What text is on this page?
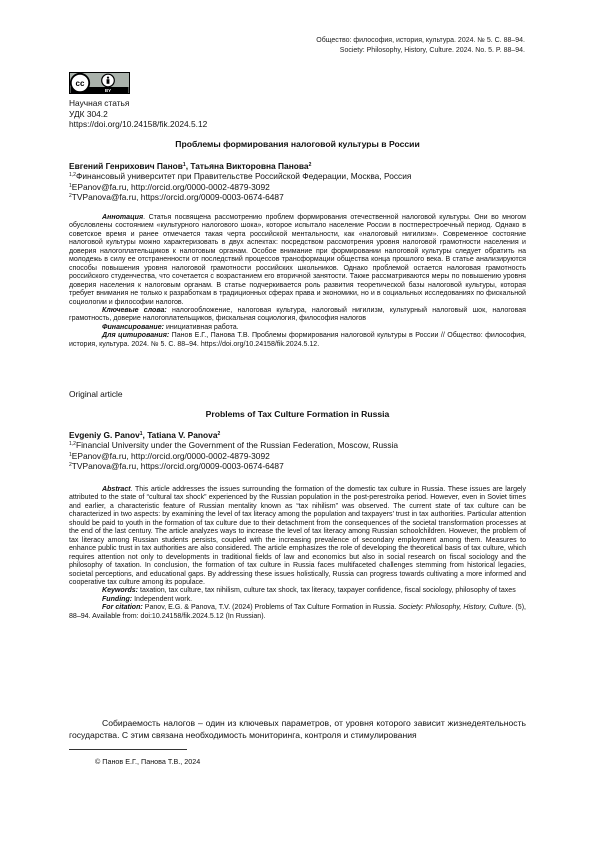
Общество: философия, история, культура. 2024. № 5. С. 88–94.
Society: Philosophy, History, Culture. 2024. No. 5. P. 88–94.
cc
BY
Научная статья
УДК 304.2
https://doi.org/10.24158/fik.2024.5.12
Проблемы формирования налоговой культуры в России
Евгений Генрихович Панов$^1$, Татьяна Викторовна Панова$^2$
$^{1,2}$Финансовый университет при Правительстве Российской Федерации, Москва, Россия
$^1$EPanov@fa.ru, http://orcid.org/0000-0002-4879-3092
$^2$TVPanova@fa.ru, https://orcid.org/0009-0003-0674-6487

Аннотация. Статья посвящена рассмотрению проблем формирования отечественной налоговой культуры. Они во многом обусловлены состоянием «культурного налогового шока», которое испытало население России в постперестроечный период. Однако в советское время и ранее отмечается такая черта российской ментальности, как «налоговый нигилизм». Современное состояние налоговой культуры можно характеризовать в двух аспектах: посредством рассмотрения уровня налоговой грамотности населения и доверия налогоплательщиков к налоговым органам. Особое внимание при формировании налоговой культуры следует обратить на молодежь в силу ее отстраненности от последствий процессов трансформации общества конца прошлого века. В статье анализируются способы повышения уровня налоговой грамотности российских школьников. Однако проблемой остается налоговая грамотность российского студенчества, что сочетается с возрастанием его вторичной занятости. Также рассматриваются меры по повышению уровня доверия населения к налоговым органам. В статье подчеркивается роль развития теоретической базы налоговой культуры, которая требует внимания не только к разработкам в традиционных сферах права и экономики, но и в социальных исследованиях по фискальной социологии и философии налогов.

Ключевые слова: налогообложение, налоговая культура, налоговый нигилизм, культурный налоговый шок, налоговая грамотность, доверие налогоплательщиков, фискальная социология, философия налогов

Финансирование: инициативная работа.

Для цитирования: Панов Е.Г., Панова Т.В. Проблемы формирования налоговой культуры в России // Общество: философия, история, культура. 2024. № 5. С. 88–94. https://doi.org/10.24158/fik.2024.5.12.

Original article
Problems of Tax Culture Formation in Russia
Evgeniy G. Panov$^1$, Tatiana V. Panova$^2$
$^{1,2}$Financial University under the Government of the Russian Federation, Moscow, Russia
$^1$EPanov@fa.ru, http://orcid.org/0000-0002-4879-3092
$^2$TVPanova@fa.ru, https://orcid.org/0009-0003-0674-6487

Abstract. This article addresses the issues surrounding the formation of the domestic tax culture in Russia. These issues are largely attributed to the state of “cultural tax shock” experienced by the Russian population in the post-perestroika period. However, even in Soviet times and earlier, a characteristic feature of Russian mentality known as “tax nihilism” was observed. The current state of tax culture can be characterized in two aspects: by examining the level of tax literacy among the population and taxpayers’ trust in tax authorities. Particular attention should be paid to youth in the formation of tax culture due to their detachment from the consequences of the societal transformation processes at the end of the last century. The article analyzes ways to increase the level of tax literacy among Russian schoolchildren. However, the problem of tax literacy among Russian students persists, coupled with the increasing prevalence of secondary employment among them. Measures to enhance public trust in tax authorities are also considered. The article emphasizes the role of developing the theoretical basis of tax culture, which requires attention not only to developments in traditional fields of law and economics but also in social research on fiscal sociology and the philosophy of taxation. In conclusion, the formation of tax culture in Russia faces multifaceted challenges stemming from historical legacies, societal perceptions, and educational gaps. By addressing these issues holistically, Russia can progress towards cultivating a more informed and cooperative tax culture among its populace.

Keywords: taxation, tax culture, tax nihilism, culture tax shock, tax literacy, taxpayer confidence, fiscal sociology, philosophy of taxes

Funding: Independent work.

For citation: Panov, E.G. & Panova, T.V. (2024) Problems of Tax Culture Formation in Russia. Society: Philosophy, History, Culture. (5), 88–94. Available from: doi:10.24158/fik.2024.5.12 (In Russian).

Собираемость налогов – один из ключевых параметров, от уровня которого зависит жизнедеятельность государства. С этим связана необходимость мониторинга, контроля и стимулирования

© Панов Е.Г., Панова Т.В., 2024
